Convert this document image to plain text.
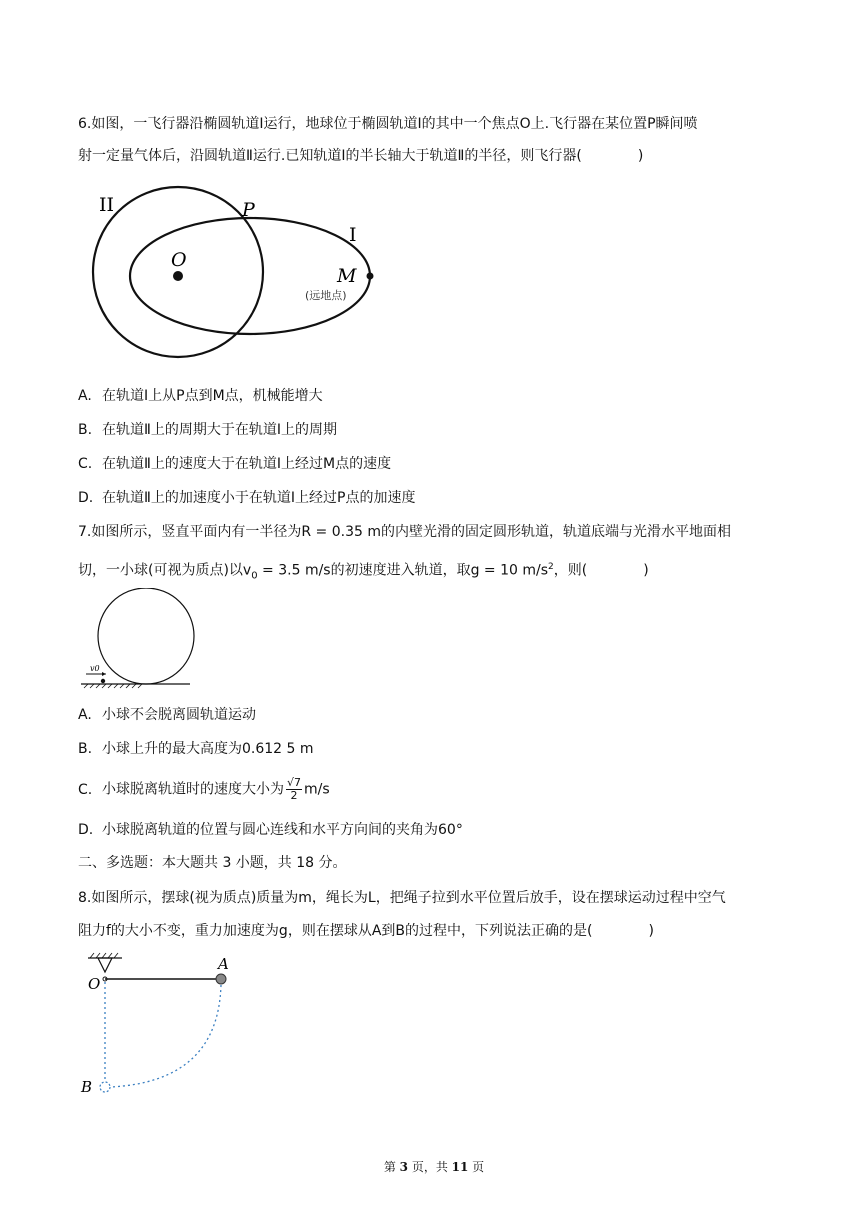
6.如图，一飞行器沿椭圆轨道Ⅰ运行，地球位于椭圆轨道Ⅰ的其中一个焦点O上.飞行器在某位置P瞬间喷
射一定量气体后，沿圆轨道Ⅱ运行.已知轨道Ⅰ的半长轴大于轨道Ⅱ的半径，则飞行器(　　　　)
II
I
P
O
M
(远地点)
A. 在轨道Ⅰ上从P点到M点，机械能增大
B. 在轨道Ⅱ上的周期大于在轨道Ⅰ上的周期
C. 在轨道Ⅱ上的速度大于在轨道Ⅰ上经过M点的速度
D. 在轨道Ⅱ上的加速度小于在轨道Ⅰ上经过P点的加速度
7.如图所示，竖直平面内有一半径为R = 0.35 m的内壁光滑的固定圆形轨道，轨道底端与光滑水平地面相
切，一小球(可视为质点)以$v_0 = 3.5$ m/s的初速度进入轨道，取g = 10 $m/s^2$，则(　　　　)
v0
A. 小球不会脱离圆轨道运动
B. 小球上升的最大高度为0.612 5 m
C. 小球脱离轨道时的速度大小为 $\frac{√7}{2} m/s$
D. 小球脱离轨道的位置与圆心连线和水平方向间的夹角为60°
二、多选题：本大题共 3 小题，共 18 分。
8.如图所示，摆球(视为质点)质量为m，绳长为L，把绳子拉到水平位置后放手，设在摆球运动过程中空气
阻力f的大小不变，重力加速度为g，则在摆球从A到B的过程中，下列说法正确的是(　　　　)
O
A
B
第 3 页，共 11 页
